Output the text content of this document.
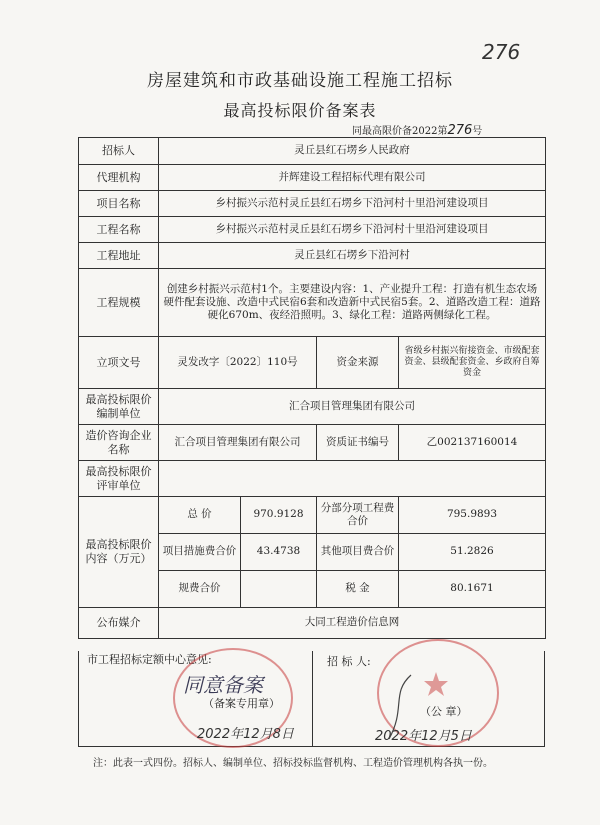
276
房屋建筑和市政基础设施工程施工招标
最高投标限价备案表
同最高限价备2022第276号
招标人	灵丘县红石塄乡人民政府			
代理机构	并辉建设工程招标代理有限公司			
项目名称	乡村振兴示范村灵丘县红石塄乡下沿河村十里沿河建设项目			
工程名称	乡村振兴示范村灵丘县红石塄乡下沿河村十里沿河建设项目			
工程地址	灵丘县红石塄乡下沿河村			
工程规模	创建乡村振兴示范村1个。主要建设内容：1、产业提升工程：打造有机生态农场硬件配套设施、改造中式民宿6套和改造新中式民宿5套。2、道路改造工程：道路硬化670m、夜经沿照明。3、绿化工程：道路两侧绿化工程。			
立项文号	灵发改字〔2022〕110号		资金来源	省级乡村振兴衔接资金、市级配套资金、县级配套资金、乡政府自筹资金
最高投标限价编制单位	汇合项目管理集团有限公司			
造价咨询企业名称	汇合项目管理集团有限公司		资质证书编号	乙002137160014
最高投标限价评审单位				
最高投标限价内容（万元）	总 价	970.9128	分部分项工程费合价	795.9893
	项目措施费合价	43.4738	其他项目费合价	51.2826
	规费合价		税 金	80.1671
公布媒介	大同工程造价信息网			
市工程招标定额中心意见:	招 标 人:
同意备案
（备案专用章）
（公 章）
2022年12月8日	2022年12月5日
注：此表一式四份。招标人、编制单位、招标投标监督机构、工程造价管理机构各执一份。
